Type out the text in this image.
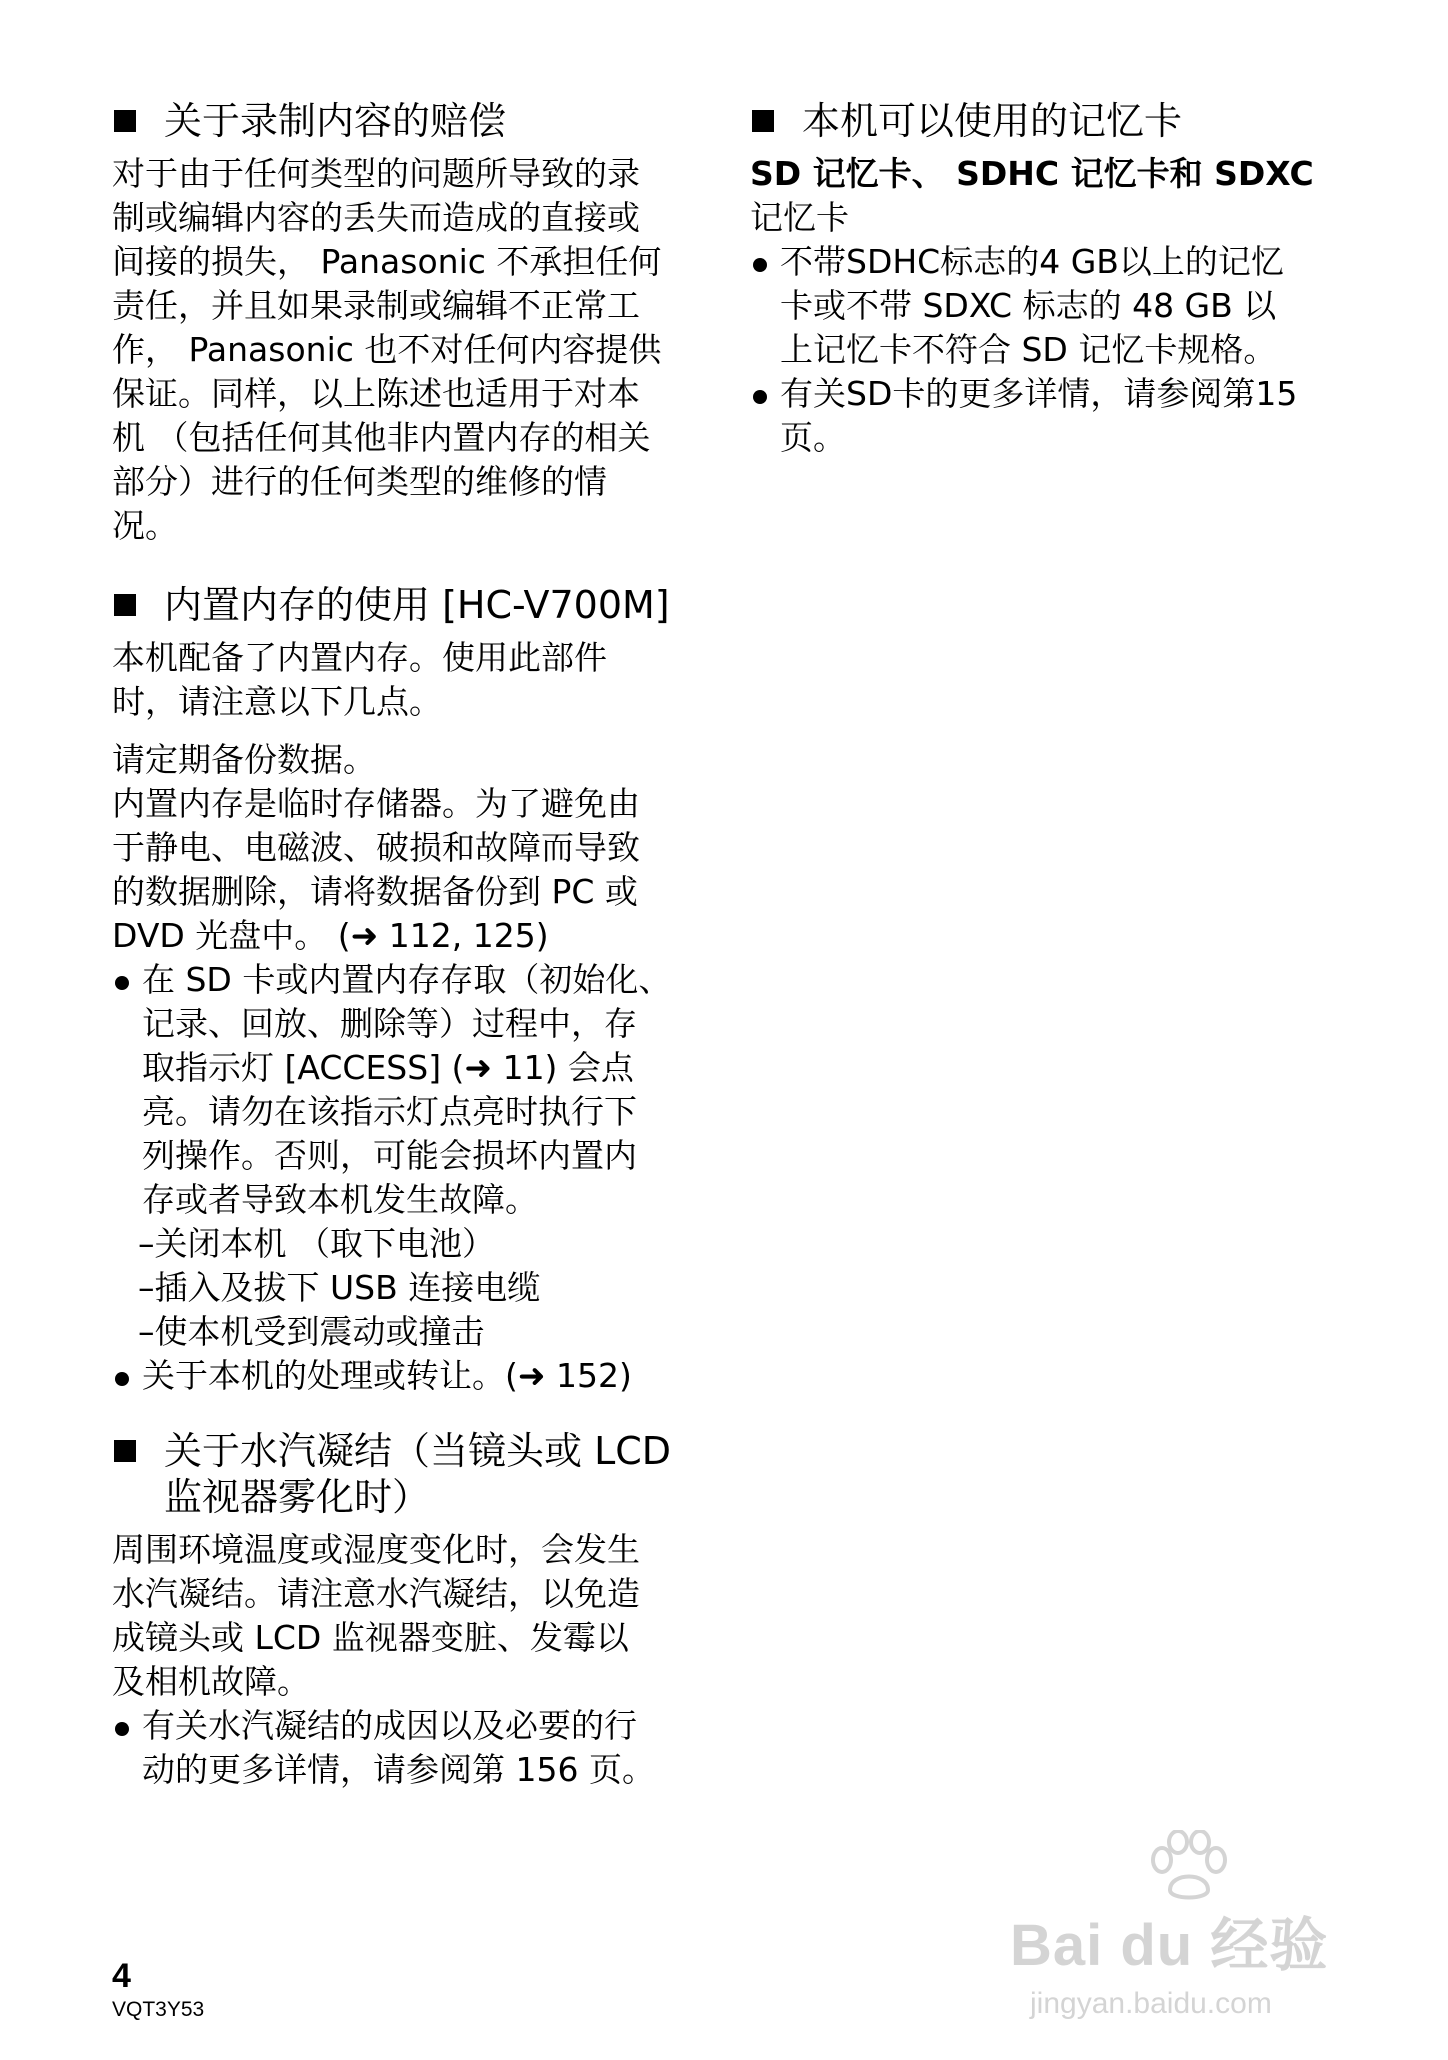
关于录制内容的赔偿

对于由于任何类型的问题所导致的录

制或编辑内容的丢失而造成的直接或

间接的损失， Panasonic 不承担任何

责任，并且如果录制或编辑不正常工

作， Panasonic 也不对任何内容提供

保证。同样，以上陈述也适用于对本

机 （包括任何其他非内置内存的相关

部分）进行的任何类型的维修的情

况。

内置内存的使用 [HC-V700M]

本机配备了内置内存。使用此部件

时，请注意以下几点。

请定期备份数据。

内置内存是临时存储器。为了避免由

于静电、电磁波、破损和故障而导致

的数据删除，请将数据备份到 PC 或

DVD 光盘中。 (➜ 112, 125)

在 SD 卡或内置内存存取（初始化、
记录、回放、删除等）过程中，存
取指示灯 [ACCESS] (➜ 11) 会点
亮。请勿在该指示灯点亮时执行下
列操作。否则，可能会损坏内置内
存或者导致本机发生故障。
–关闭本机 （取下电池）
–插入及拔下 USB 连接电缆
–使本机受到震动或撞击
关于本机的处理或转让。(➜ 152)
关于水汽凝结（当镜头或 LCD
监视器雾化时）

周围环境温度或湿度变化时，会发生

水汽凝结。请注意水汽凝结，以免造

成镜头或 LCD 监视器变脏、发霉以

及相机故障。

有关水汽凝结的成因以及必要的行
动的更多详情，请参阅第 156 页。
本机可以使用的记忆卡

SD 记忆卡、 SDHC 记忆卡和 SDXC

记忆卡

不带SDHC标志的4 GB以上的记忆
卡或不带 SDXC 标志的 48 GB 以
上记忆卡不符合 SD 记忆卡规格。
有关SD卡的更多详情，请参阅第15
页。
4
VQT3Y53
Bai du 经验
jingyan.baidu.com
